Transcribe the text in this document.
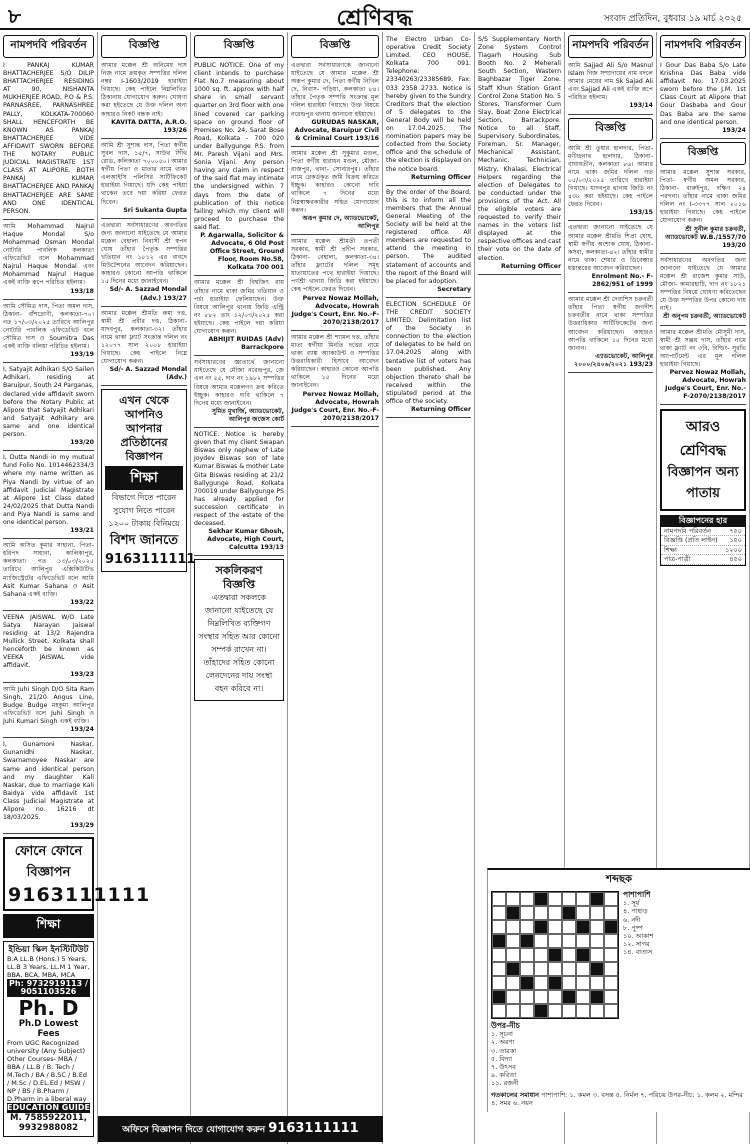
৮	শ্রেণিবদ্ধ	সংবাদ প্রতিদিন, বুধবার ১৯ মার্চ ২০২৫
নামপদবি পরিবর্তন
I PANKAJ KUMAR BHATTACHERJEE S/O DILIP BHATTACHERJEE RESIDING AT 90, NISHANTA MUKHERJEE ROAD, P.O & P.S. PARNASREE, PARNASHREE PALLY, KOLKATA-700060 SHALL HENCEFORTH BE KNOWN AS PANKAJ BHATTACHERJEE VIDE AFFIDAVIT SWORN BEFORE THE NOTARY PUBLIC JUDICIAL MAGISTRATE 1ST CLASS AT ALIPORE. BOTH PANKAJ KUMAR BHATTACHERJEE AND PANKAJ BHATTACHERJEE ARE SAME AND ONE IDENTICAL PERSON.
আমি Mohammad Najrul Haque Mondal S/o Mohammad Osman Mondal নোটারি পাবলিক কলকাতা এফিডেভিট বলে Mohammad Najrul Haque Mondal এবং Mohammad Najrul Haque একই ব্যক্তি রূপে পরিচিত হইলাম।
193/18
আমি সৌমিত্র দাস, পিতা অমল দাস, ঠিকানা- বাঁশদ্রোণী, কলকাতা-৭০। গত ১৭/০৩/২০২৫ তারিখে আলিপুর নোটারি পাবলিক এফিডেভিট বলে সৌমিত্র দাস ও Soumitra Das একই ব্যক্তি বলিয়া পরিচিত হইলাম।
193/19
I, Satyajit Adhikari S/O Sailen Adhikari, residing at Baruipur, South 24 Parganas, declared vide affidavit sworn before the Notary Public at Alipore that Satyajit Adhikari and Satyajit Adhikary are same and one identical person.
193/20
I, Dutta Nandi in my mutual fund Folio No. 1014462334/3 where my name written as Piya Nandi by virtue of an affidavit Judicial Magistrate at Alipore 1st Class dated 24/02/2025 that Dutta Nandi and Piya Nandi is same and one identical person.
193/21
আমি অসিত কুমার সাহানা, পিতা- হরিপদ সাহানা, কালিকাপুর, কলকাতা। গত ১৩/০৩/২০২৫ তারিখে আলিপুর এক্সিকিউটিভ ম্যাজিস্ট্রেটের এফিডেভিট বলে আমি Asit Kumar Sahana ও Asit Sahana একই ব্যক্তি।
193/22
VEENA JAISWAL W/O Late Satya Narayan Jaiswal residing at 13/2 Rajendra Mullick Street, Kolkata shall henceforth be known as VEEKA JAISWAL vide affidavit.
193/23
আমি Juhi Singh D/O Sita Ram Singh, 21/20 Angus Line, Budge Budge মহকুমা আলিপুর এফিডেভিট বলে Juhi Singh ও Juhi Kumari Singh একই ব্যক্তি।
193/24
I, Gunamoni Naskar, Gunanidhi Naskar, Swarnamoyee Naskar are same and identical person and my daughter Kali Naskar, due to marriage Kali Baidya vide affidavit 1st Class Judicial Magistrate at Alipore no. 16216 dt 18/03/2025.
193/29
ফোনে ফোনে বিজ্ঞাপন
9163111111
শিক্ষা
ইন্ডিয়া স্কিল ইনস্টিটিউট
B.A LL.B (Hons.) 5 Years, LL.B 3 Years, LL.M 1 Year, BBA, BCA, MBA, MCA
Ph: 9732919113 / 9051103526
Ph. D
Ph.D Lowest Fees
From UGC Recognized university (Any Subject) Other Courses- MBA / BBA / LL.B / B. Tech / M.Tech / BA / B.SC / B.Ed / M.Sc / D.EL.Ed / MSW / NP / BS / B.Pharm / D.Pharm in a liberal way
EDUCATION GUIDE
M. 7585922011, 9932988082
বিজ্ঞপ্তি
আমার মক্কেল শ্রী অনিমেষ দাস নিজ নামে ক্রয়কৃত সম্পত্তির দলিল নম্বর I-1603/2019 হারাইয়া গিয়াছে। কেহ পাইলে নিম্নলিখিত ঠিকানায় যোগাযোগ করুন। ঘোষণা করা হইতেছে যে উক্ত দলিল অন্য কাহারও নিকট বন্ধক নাই।
KAVITA DATTA, A.R.O. 193/26
আমি শ্রী সুশান্ত দাস, পিতা স্বর্গীয় সুবল দাস, ১৫/৭, সাউথ সিঁথি রোড, কলিকাতা ৭০০০৫০। আমার স্বর্গীয় পিতা ও মাতার নামে থাকা এলআইসি পলিসির সার্টিফিকেট হারাইয়া গিয়াছে। যদি কেহ পাইয়া থাকেন তবে দয়া করিয়া ফেরত দিবেন।
Sri Sukanta Gupta
এতদ্বারা সর্বসাধারণের অবগতির জন্য জানানো যাইতেছে যে আমার মক্কেল বেহালা নিবাসী শ্রী স্বপন ঘোষ তাঁহার পৈতৃক সম্পত্তির খতিয়ান নং ১৮১২ এর বাবদে মিউটেশনের আবেদন করিয়াছেন। কাহারও কোনো আপত্তি থাকিলে ১৫ দিনের মধ্যে জানাইবেন।
Sd/- A. Sazzad Mondal (Adv.) 193/27
আমার মক্কেল শ্রীমতি রুমা দত্ত, স্বামী শ্রী প্রবীর দত্ত, ঠিকানা- যাদবপুর, কলকাতা-৩২। তাঁহার নামে থাকা ফ্ল্যাট সংক্রান্ত দলিল নং ১২০৭৭ সাল ২০০৮ হারাইয়া গিয়াছে। কেহ পাইলে নিম্নে যোগাযোগ করুন।
Sd/- A. Sazzad Mondal (Adv.)
এখন থেকে আপনিও আপনার প্রতিষ্ঠানের বিজ্ঞাপন
শিক্ষা
বিভাগে দিতে পারেন সুযোগ নিতে পারেন ১২০০ টাকায় বিনিময়ে
বিশদ জানতে 9163111111
বিজ্ঞপ্তি
PUBLIC NOTICE. One of my client intends to purchase Flat No.7 measuring about 1000 sq. ft. approx with half share in small servant quarter on 3rd floor with one lined covered car parking space on ground floor of Premises No. 24, Sarat Bose Road, Kolkata - 700 020 under Ballygunge P.S. from Mr. Paresh Vijani and Mrs. Sonia Vijani. Any person having any claim in respect of the said flat may intimate the undersigned within 7 days from the date of publication of this notice failing which my client will proceed to purchase the said flat.
P. Agarwalla, Solicitor & Advocate, 6 Old Post Office Street, Ground Floor, Room No.58, Kolkata 700 001
আমার মক্কেল শ্রী বিশ্বজিৎ রায় তাঁহার নামে থাকা জমির খতিয়ান ও পর্চা হারাইয়া ফেলিয়াছেন। উক্ত বিষয়ে আলিপুর থানায় জিডি এন্ট্রি নং ৮৮২ তাং ১২/০৩/২০২৫ করা হইয়াছে। কেহ পাইলে দয়া করিয়া যোগাযোগ করুন।
ABHIJIT RUIDAS (Adv) Barrackpore
সর্বসাধারণের জ্ঞাতার্থে জানানো যাইতেছে যে মৌজা নরেন্দ্রপুর, জে এল নং ৫৫, দাগ নং ১৯৮২ সম্পত্তির বিষয়ে আমার মক্কেলগণ ক্রয় করিতে ইচ্ছুক। কাহারও দাবি থাকিলে ৭ দিনের মধ্যে জানাইবেন।
সুমিত মুখার্জি, অ্যাডভোকেট, আলিপুর জজেস কোর্ট
NOTICE. Notice is hereby given that my client Swapan Biswas only nephew of Late Joydev Biswas son of late Kumar Biswas & mother Late Gita Biswas residing at 21/2 Ballygunge Road, Kolkata 700019 under Ballygunge PS has already applied for succession certificate in respect of the estate of the deceased.
Sekhar Kumar Ghosh, Advocate, High Court, Calcutta 193/13
সকলিকরণ বিজ্ঞপ্তি
এতদ্বারা সকলকে জানানো যাইতেছে যে নিম্নলিখিত ব্যক্তিগণ সংস্থার সহিত আর কোনো সম্পর্ক রাখেন না। তাঁহাদের সহিত কোনো লেনদেনের দায় সংস্থা বহন করিবে না।
বিজ্ঞপ্তি
এতদ্বারা সর্বসাধারণকে জানানো যাইতেছে যে আমার মক্কেল শ্রী অরূপ কুমার দে, পিতা স্বর্গীয় নিখিল দে, নিবাস- গড়িয়া, কলকাতা ৮৪। তাঁহার পৈতৃক সম্পত্তি সংক্রান্ত মূল দলিল হারাইয়া গিয়াছে। উক্ত বিষয়ে নরেন্দ্রপুর থানায় জানানো হইয়াছে।
GURUDAS NASKAR, Advocate, Baruipur Civil & Criminal Court 193/16
আমার মক্কেল শ্রী সুকুমার মণ্ডল, পিতা স্বর্গীয় হারাধন মণ্ডল, মৌজা- রাজপুর, থানা- সোনারপুর। তাঁহার নামে রেকর্ডকৃত জমি বিক্রয় করিতে ইচ্ছুক। কাহারও কোনো দাবি থাকিলে ৭ দিনের মধ্যে নিম্নস্বাক্ষরকারীর সহিত যোগাযোগ করুন।
অরূপ কুমার দে, অ্যাডভোকেট, আলিপুর
আমার মক্কেল শ্রীমতী তপতী সরকার, স্বামী শ্রী প্রদীপ সরকার, ঠিকানা- বেহালা, কলকাতা-৩৪। তাঁহার ফ্ল্যাটের দলিল সমূহ যাতায়াতের পথে হারাইয়া গিয়াছে। পর্ণশ্রী থানায় জিডি করা হইয়াছে। কেহ পাইলে ফেরত দিবেন।
Pervez Nowaz Mollah, Advocate, Howrah Judge's Court, Enr. No.-F-2070/2138/2017
আমার মক্কেল শ্রী শ্যামল দত্ত, তাঁহার মাতা স্বর্গীয়া মিনতি দত্তের নামে থাকা ব্যাঙ্ক অ্যাকাউন্ট ও সম্পত্তির উত্তরাধিকারী হিসাবে আবেদন করিয়াছেন। কাহারও কোনো আপত্তি থাকিলে ১৫ দিনের মধ্যে জানাইবেন।
Pervez Nowaz Mollah, Advocate, Howrah Judge's Court, Enr. No.-F-2070/2138/2017
The Electro Urban Co-operative Credit Society Limited. CEO HOUSE, Kolkata 700 091. Telephone: 23340263/23385689, Fax: 033 2358 2733. Notice is hereby given to the Sundry Creditors that the election of 5 delegates to the General Body will be held on 17.04.2025. The nomination papers may be collected from the Society office and the schedule of the election is displayed on the notice board.
Returning Officer
By the order of the Board, this is to inform all the members that the Annual General Meeting of the Society will be held at the registered office. All members are requested to attend the meeting in person. The audited statement of accounts and the report of the Board will be placed for adoption.
Secretary
ELECTION SCHEDULE OF THE CREDIT SOCIETY LIMITED. Delimitation list of the Society in connection to the election of delegates to be held on 17.04.2025 along with tentative list of voters has been published. Any objection thereto shall be received within the stipulated period at the office of the society.
Returning Officer
S/S Supplementary North Zone System Control Tiagarh Housing Sub Booth No. 2 Meherali South Section, Wastern Baghbazar Tiger Zone. Staff Khun Station Grant Control Zone Station No. 5 Stores, Transformer Cum Slay, Boat Zone Electrical Section, Barrackpore. Notice to all Staff, Supervisory Subordinates, Foreman, Sr. Manager, Mechanical Assistant, Mechanic, Technician, Mistry, Khalasi, Electrical Helpers regarding the election of Delegates to be conducted under the provisions of the Act. All the eligible voters are requested to verify their names in the voters list displayed at the respective offices and cast their vote on the date of election.
Returning Officer
নামপদবি পরিবর্তন
আমি Sajjad Ali S/o Masnul Islam নিজ সম্প্রদায়ের নাম বদলে আমার মেয়ের নাম Sk Sajad Ali এবং Sajjad Ali একই ব্যক্তি রূপে পরিচিত হইলাম।
193/14
বিজ্ঞপ্তি
আমি শ্রী তুষার হালদার, পিতা- মণীন্দ্রনাথ হালদার, ঠিকানা- বাঘাযতীন, কলকাতা ৮৬। আমার নামে থাকা জমির দলিল গত ০৫/০৩/২০২৫ তারিখে হারাইয়া গিয়াছে। যাদবপুর থানায় জিডি নং ৪৩৮ করা হইয়াছে। কেহ পাইলে ফেরত দিবেন।
193/15
এতদ্বারা জানানো যাইতেছে যে আমার মক্কেল শ্রীমতি শিপ্রা ঘোষ, স্বামী স্বর্গীয় অশোক ঘোষ, ঠিকানা- কসবা, কলকাতা-৪২। তাঁহার স্বামীর নামে থাকা শেয়ার ও ডিবেঞ্চার হস্তান্তরের আবেদন করিয়াছেন।
Enrolment No.- F-2862/951 of 1999
আমার মক্কেল শ্রী দেবাশিস চক্রবর্তী তাঁহার পিতা স্বর্গীয় জগদীশ চক্রবর্তীর নামে থাকা সম্পত্তির উত্তরাধিকার সার্টিফিকেটের জন্য আবেদন করিয়াছেন। কাহারও আপত্তি থাকিলে ১৫ দিনের মধ্যে জানান।
এ্যাডভোকেট, আলিপুর ২০০০/২৪০৬/২০২১ 193/23
নামপদবি পরিবর্তন
I Gour Das Baba S/o Late Krishna Das Baba vide affidavit No. 17.03.2025 sworn before the J.M. 1st Class Court at Alipore that Gour Dasbaba and Gour Das Baba are the same and one identical person.
193/24
বিজ্ঞপ্তি
আমার মক্কেল সুশান্ত সরকার, পিতা- স্বর্গীয় অমল সরকার, ঠিকানা- বারুইপুর, দক্ষিণ ২৪ পরগনা। তাঁহার নামে থাকা জমির দলিল নং I-৩৩৭৭ সাল ২০১৬ হারাইয়া গিয়াছে। কেহ পাইলে যোগাযোগ করুন।
শ্রী সুনীল কুমার চক্রবর্তী, অ্যাডভোকেট W.B./1557/70 193/20
সর্বসাধারণের অবগতির জন্য জানানো যাইতেছে যে আমার মক্কেল শ্রী রাজেশ কুমার সাউ, মৌজা- কামারহাটি, দাগ নং ১৮২১ সম্পত্তির বিষয়ে ঘোষণা করিতেছেন যে উক্ত সম্পত্তির উপর কোনো দায় নাই।
শ্রী অনুপম চক্রবর্তী, অ্যাডভোকেট
আমার মক্কেল শ্রীমতি মৌসুমী দাস, স্বামী শ্রী সঞ্জয় দাস, তাঁহার নামে থাকা ফ্ল্যাট নং ৩বি, বিল্ডিং- সুরভি অ্যাপার্টমেন্ট এর মূল দলিল হারাইয়া গিয়াছে।
Pervez Nowaz Mollah, Advocate, Howrah Judge's Court, Enr. No.-F-2070/2138/2017
আরও শ্রেণিবদ্ধ
বিজ্ঞাপন অন্য পাতায়
বিজ্ঞাপনের হার
নামপদবি পরিবর্তন	৭৫০
বিজ্ঞপ্তি (প্রতি লাইন) ১৫০
শিক্ষা	১২০০
পাত্র-পাত্রী	৪৫০
অফিসে বিজ্ঞাপন দিতে যোগাযোগ করুন 9163111111
শব্দছক
পাশাপাশি
১. সূর্য
৪. পাহাড়
৬. নদী
৮. পুষ্প
১০. আকাশ
১২. সাগর
১৪. বাতাস
উপর-নীচ
১. সূচনা
২. অরণ্য
৩. তারকা
৫. বিদ্যা
৭. উৎসব
৯. কবিতা
১১. রজনী
গতকালের সমাধান পাশাপাশি: ১. কমল ৩. বসন্ত ৫. নির্মল ৭. পরিচয় উপর-নীচ: ১. কলম ২. মন্দির ৪. সমর ৬. নয়ন
